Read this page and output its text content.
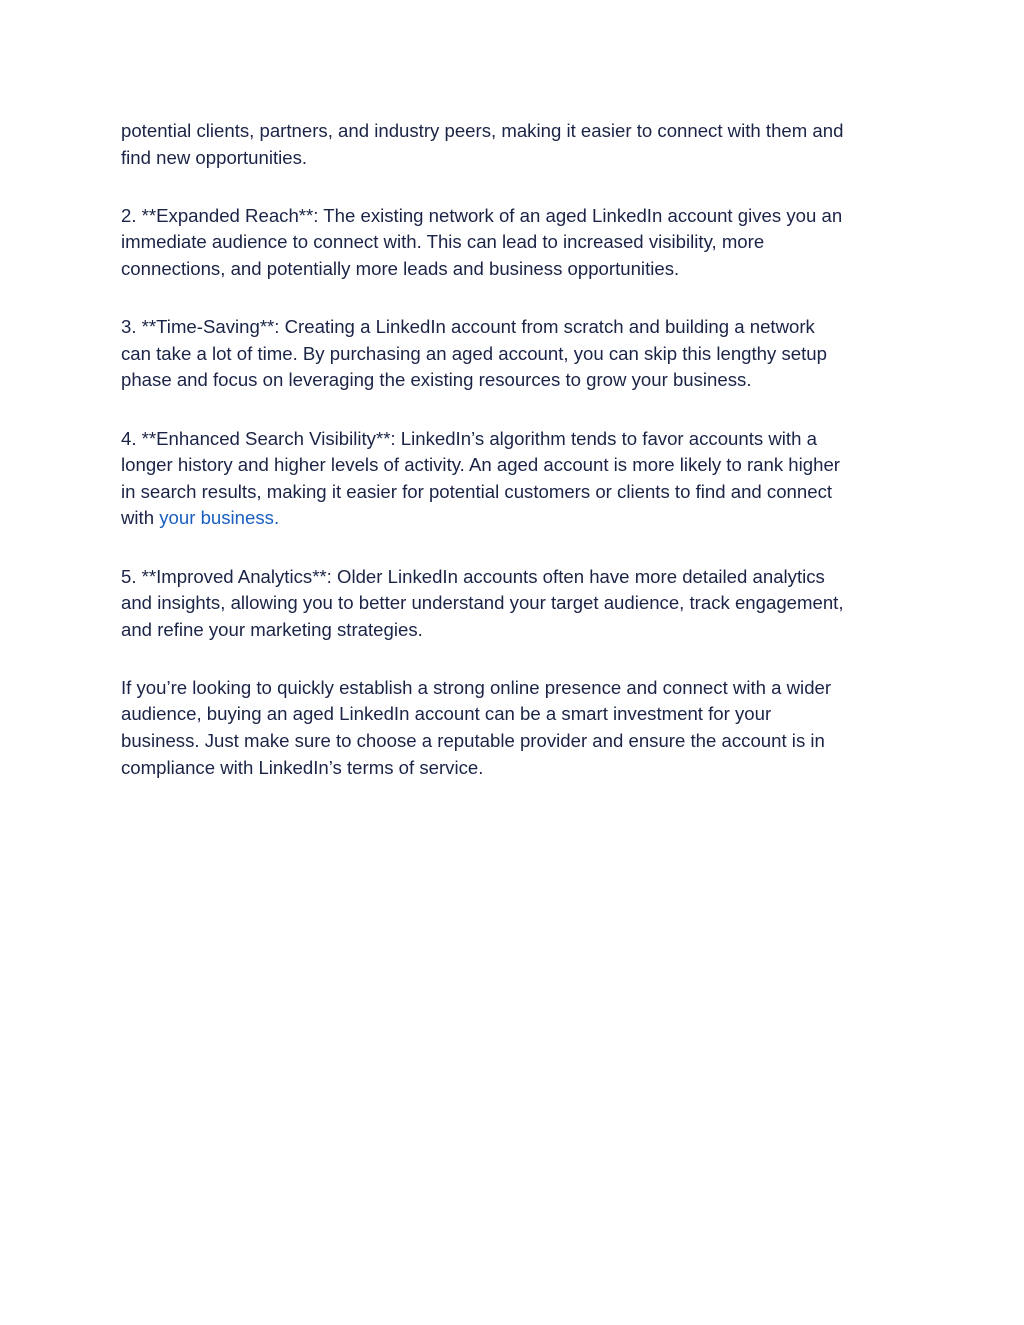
potential clients, partners, and industry peers, making it easier to connect with them and
find new opportunities.

2. **Expanded Reach**: The existing network of an aged LinkedIn account gives you an
immediate audience to connect with. This can lead to increased visibility, more
connections, and potentially more leads and business opportunities.

3. **Time-Saving**: Creating a LinkedIn account from scratch and building a network
can take a lot of time. By purchasing an aged account, you can skip this lengthy setup
phase and focus on leveraging the existing resources to grow your business.

4. **Enhanced Search Visibility**: LinkedIn’s algorithm tends to favor accounts with a
longer history and higher levels of activity. An aged account is more likely to rank higher
in search results, making it easier for potential customers or clients to find and connect
with your business.

5. **Improved Analytics**: Older LinkedIn accounts often have more detailed analytics
and insights, allowing you to better understand your target audience, track engagement,
and refine your marketing strategies.

If you’re looking to quickly establish a strong online presence and connect with a wider
audience, buying an aged LinkedIn account can be a smart investment for your
business. Just make sure to choose a reputable provider and ensure the account is in
compliance with LinkedIn’s terms of service.
